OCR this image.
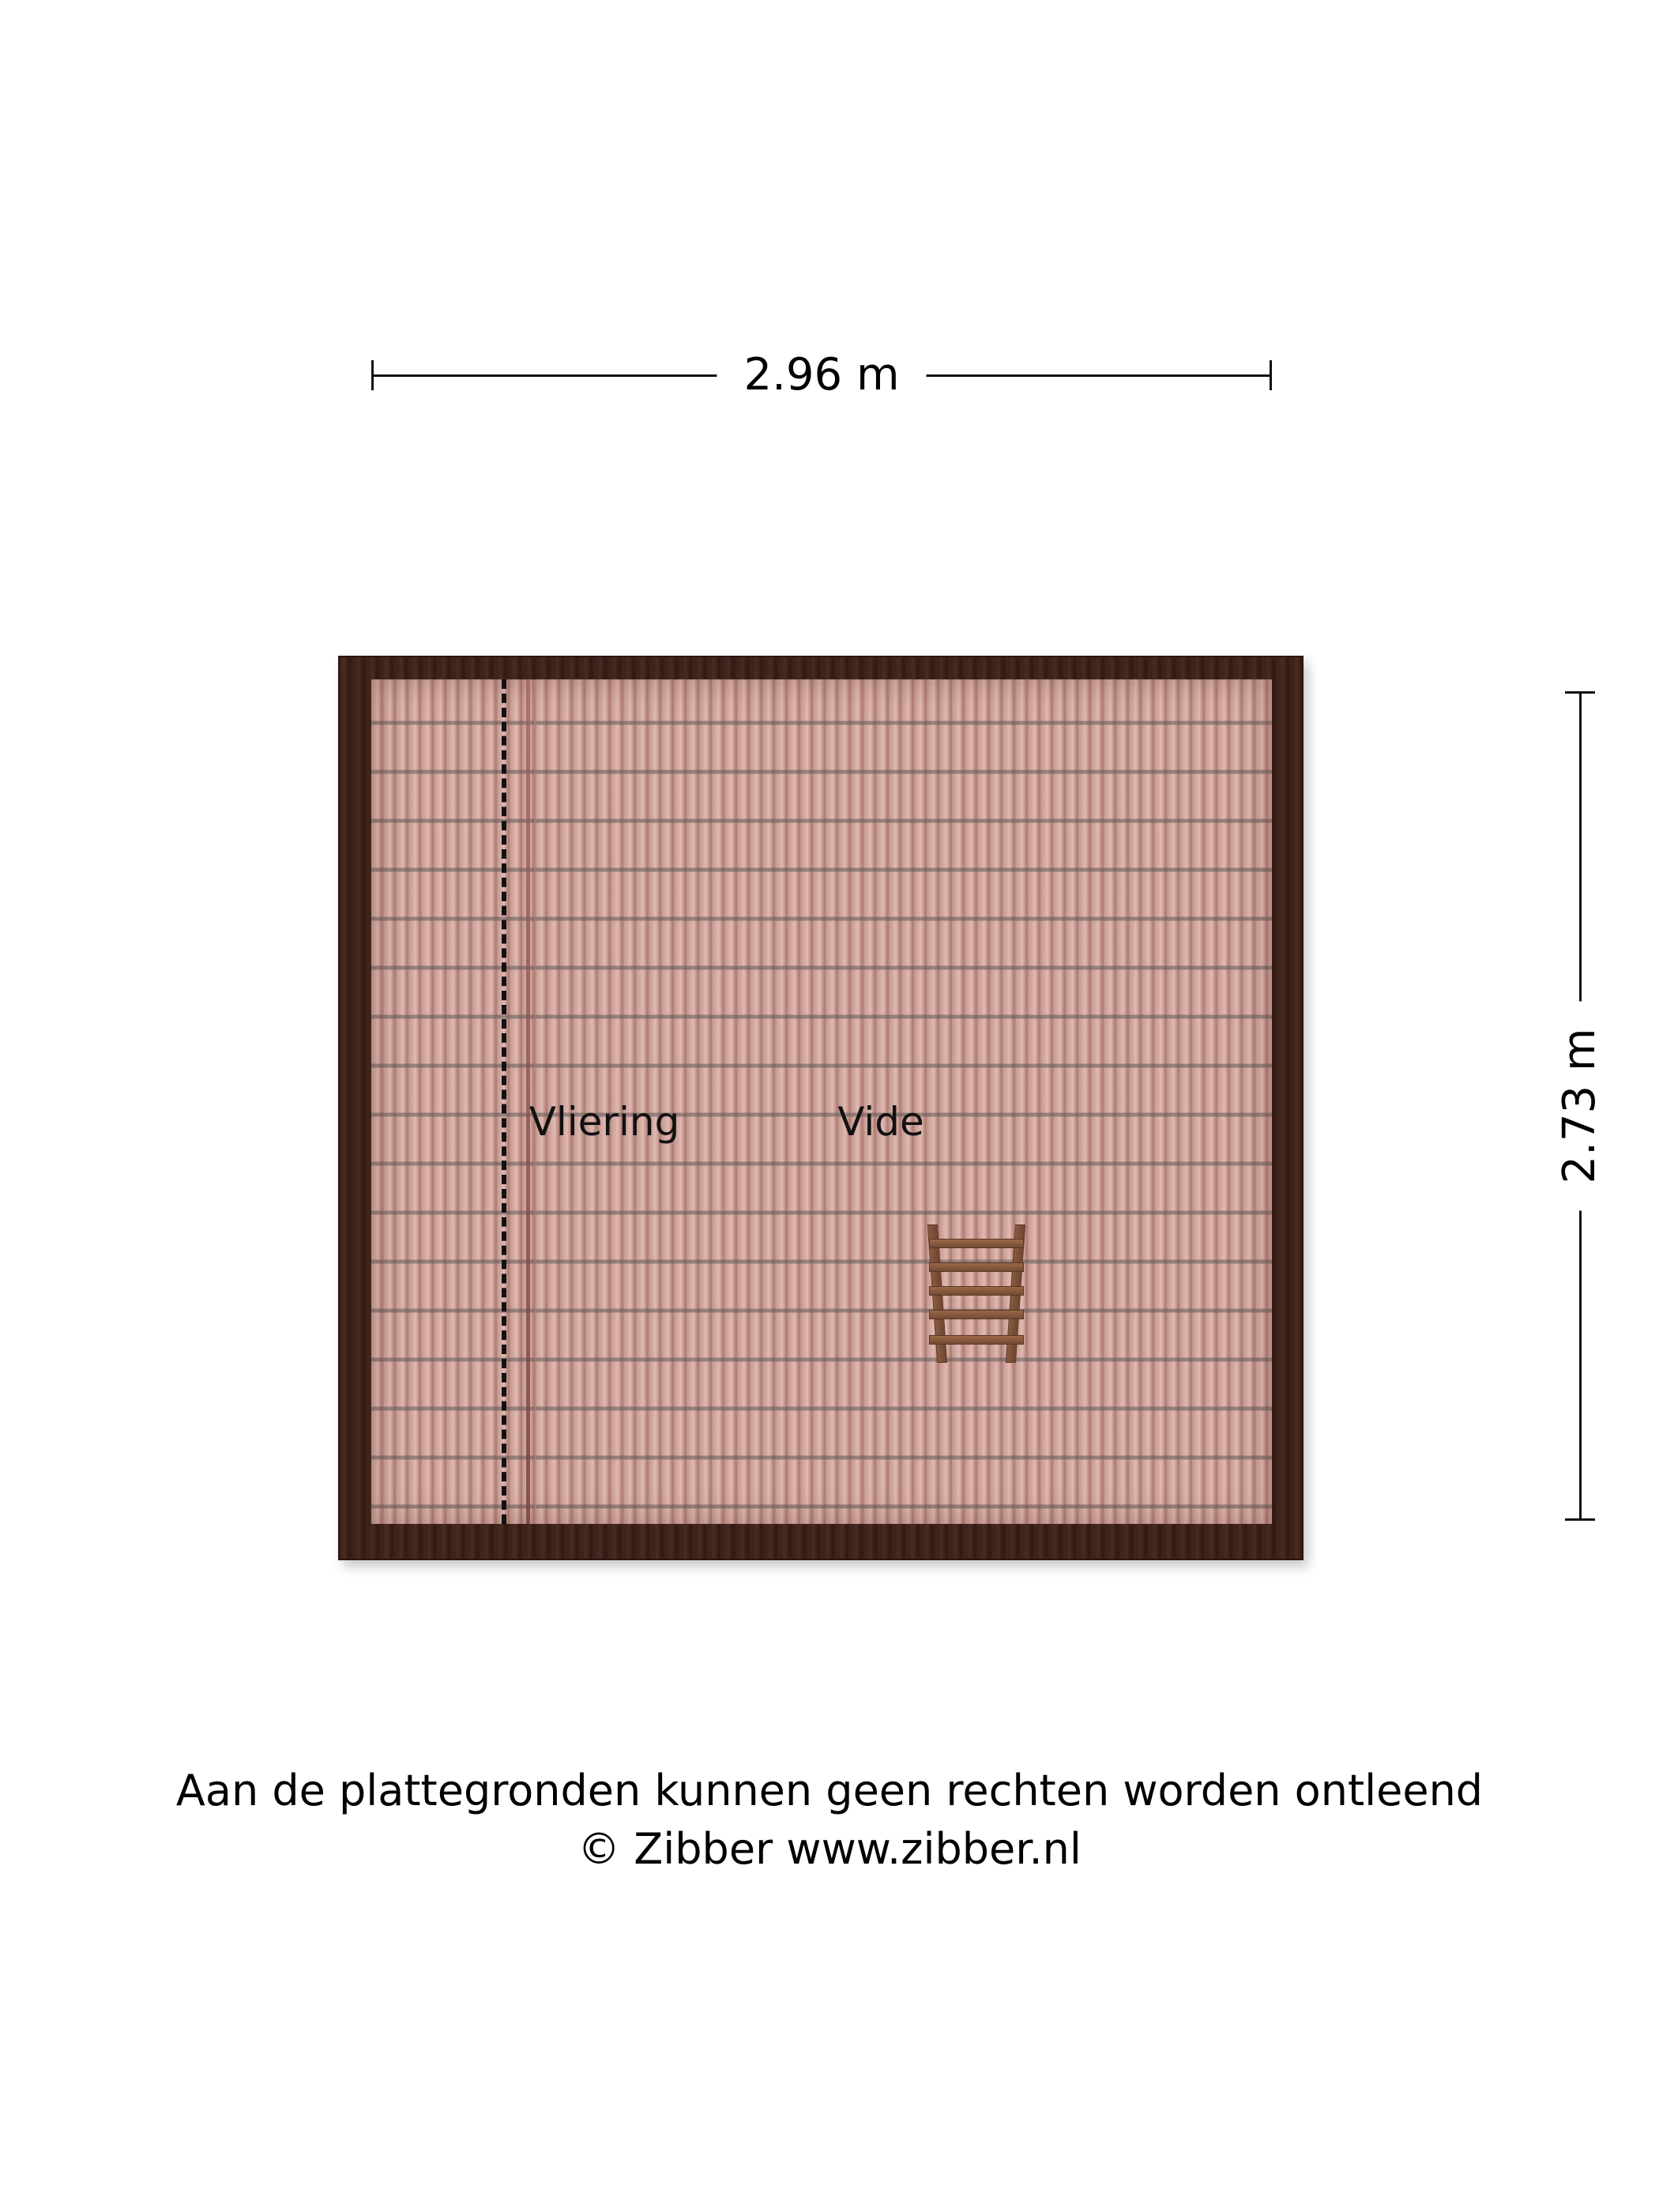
2.96 m
2.73 m
Vliering	Vide
Aan de plattegronden kunnen geen rechten worden ontleend
© Zibber www.zibber.nl
